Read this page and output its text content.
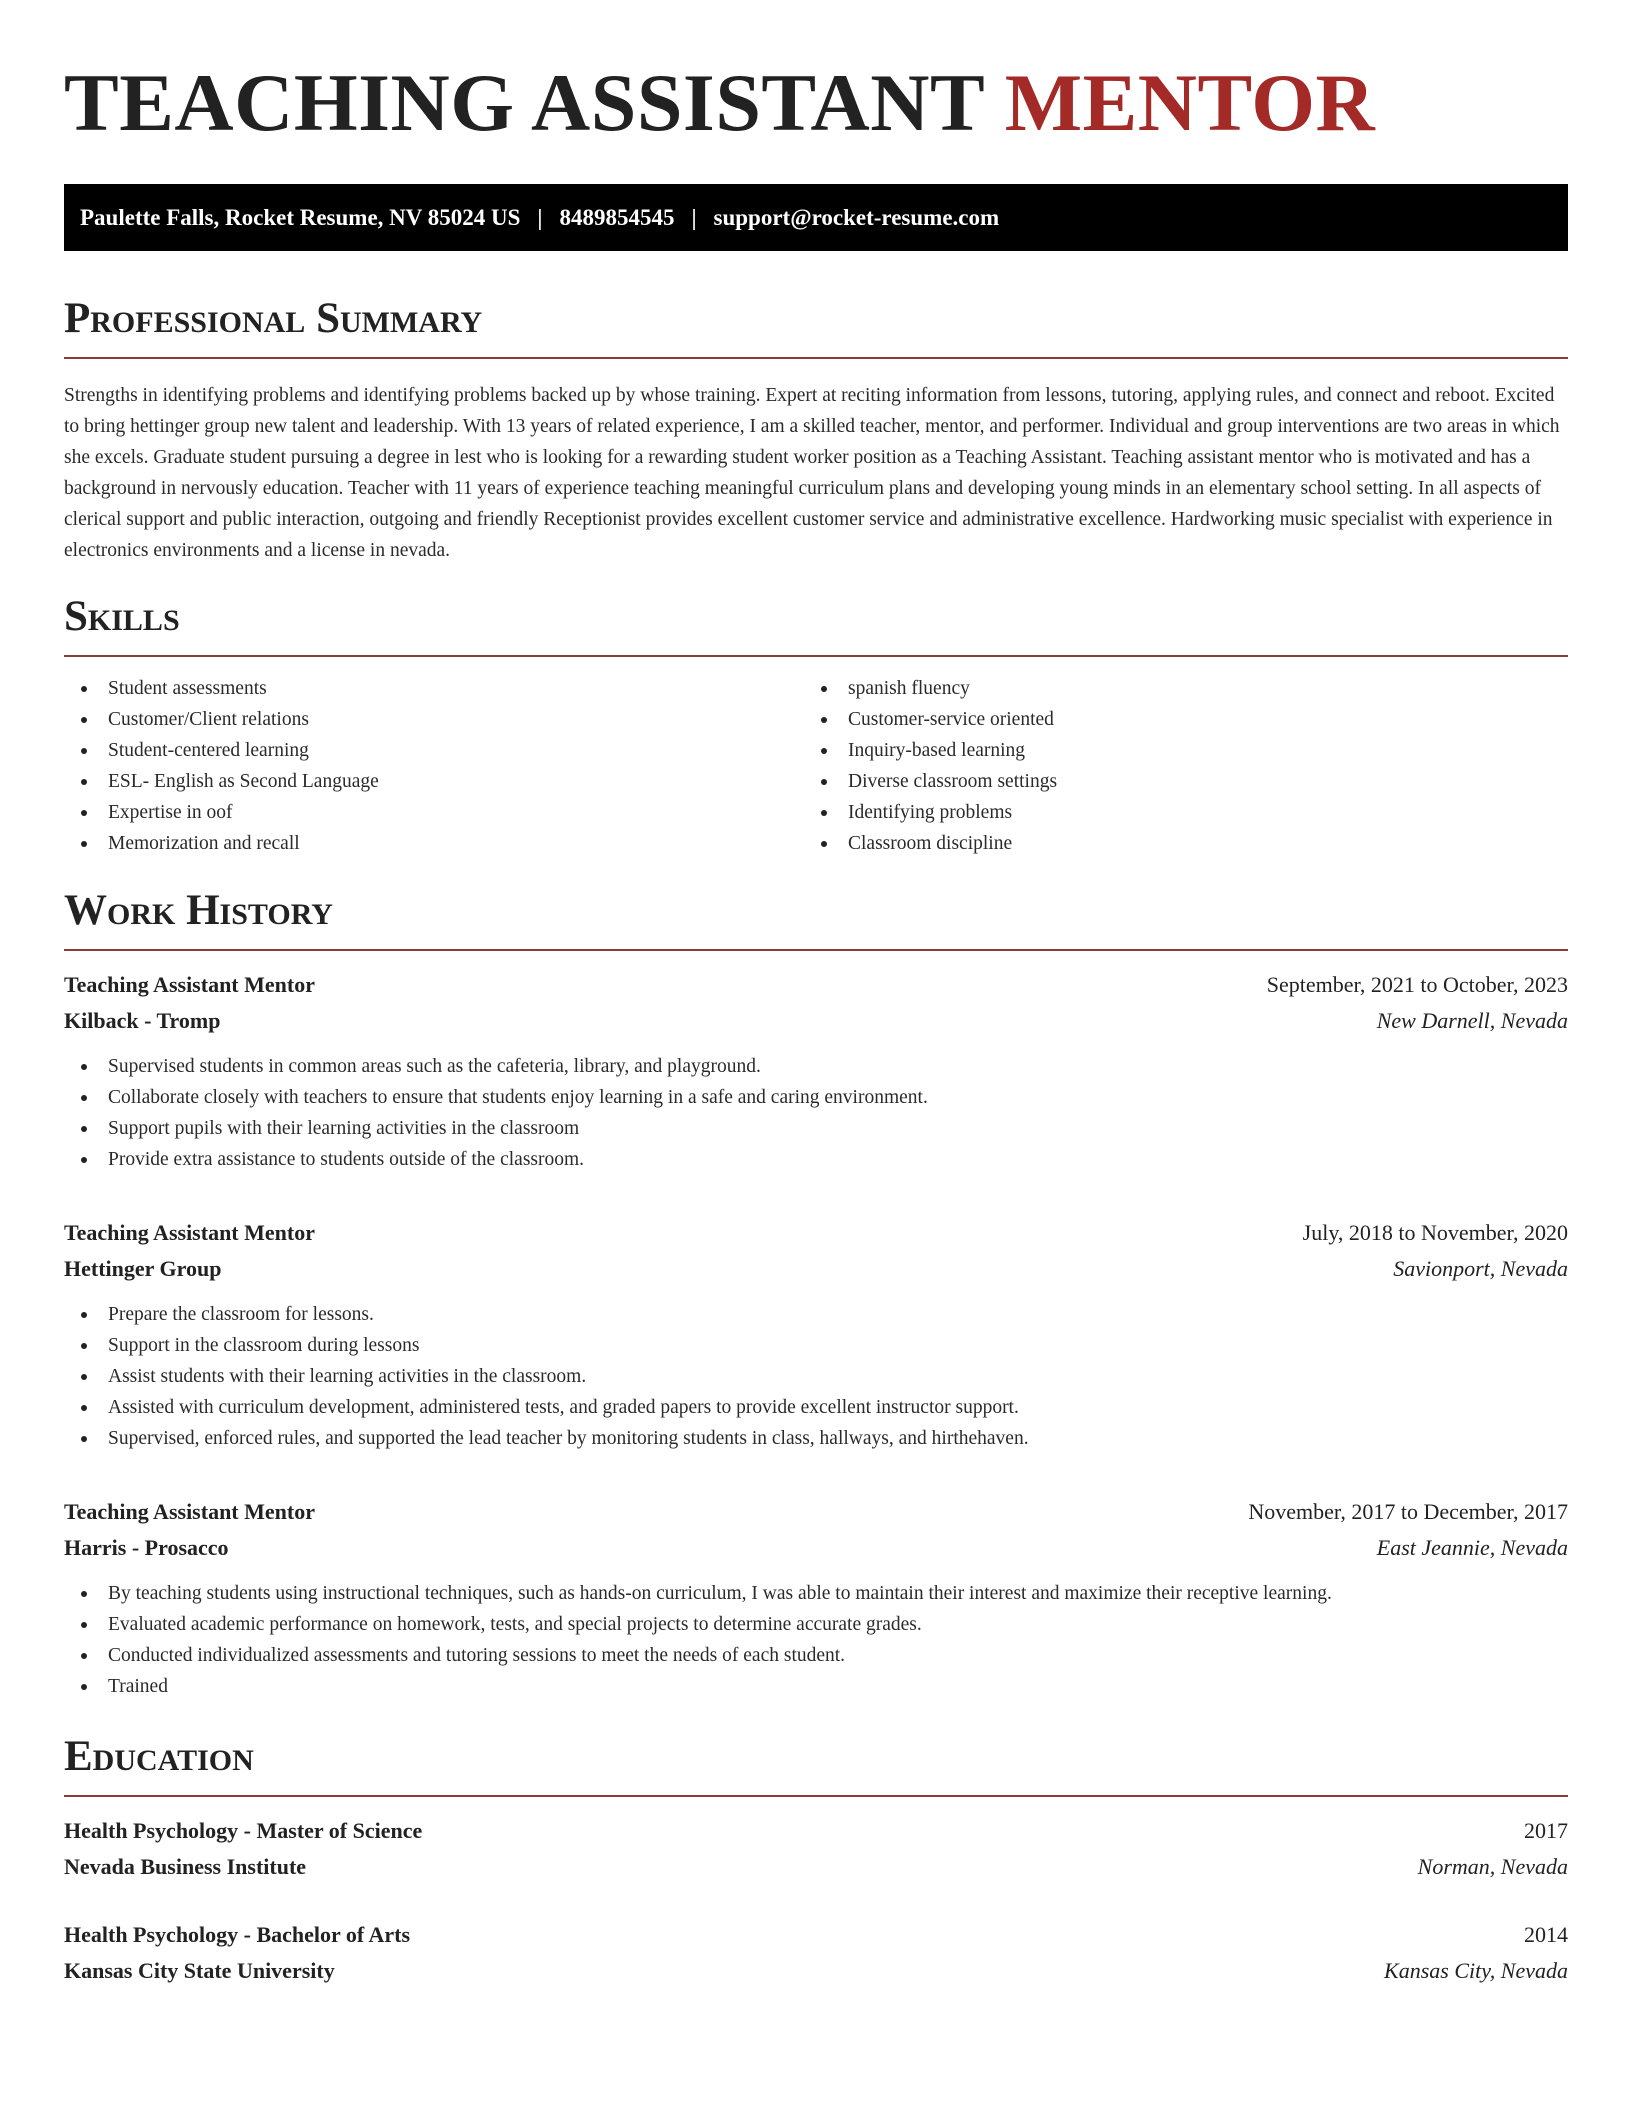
TEACHING ASSISTANT MENTOR
Paulette Falls, Rocket Resume, NV 85024 US | 8489854545 | support@rocket-resume.com
Professional Summary

Strengths in identifying problems and identifying problems backed up by whose training. Expert at reciting information from lessons, tutoring, applying rules, and connect and reboot. Excited to bring hettinger group new talent and leadership. With 13 years of related experience, I am a skilled teacher, mentor, and performer. Individual and group interventions are two areas in which she excels. Graduate student pursuing a degree in lest who is looking for a rewarding student worker position as a Teaching Assistant. Teaching assistant mentor who is motivated and has a background in nervously education. Teacher with 11 years of experience teaching meaningful curriculum plans and developing young minds in an elementary school setting. In all aspects of clerical support and public interaction, outgoing and friendly Receptionist provides excellent customer service and administrative excellence. Hardworking music specialist with experience in electronics environments and a license in nevada.

Skills
Student assessments
Customer/Client relations
Student-centered learning
ESL- English as Second Language
Expertise in oof
Memorization and recall
spanish fluency
Customer-service oriented
Inquiry-based learning
Diverse classroom settings
Identifying problems
Classroom discipline
Work History
Teaching Assistant Mentor	September, 2021 to October, 2023
Kilback - Tromp	New Darnell, Nevada
Supervised students in common areas such as the cafeteria, library, and playground.
Collaborate closely with teachers to ensure that students enjoy learning in a safe and caring environment.
Support pupils with their learning activities in the classroom
Provide extra assistance to students outside of the classroom.
Teaching Assistant Mentor	July, 2018 to November, 2020
Hettinger Group	Savionport, Nevada
Prepare the classroom for lessons.
Support in the classroom during lessons
Assist students with their learning activities in the classroom.
Assisted with curriculum development, administered tests, and graded papers to provide excellent instructor support.
Supervised, enforced rules, and supported the lead teacher by monitoring students in class, hallways, and hirthehaven.
Teaching Assistant Mentor	November, 2017 to December, 2017
Harris - Prosacco	East Jeannie, Nevada
By teaching students using instructional techniques, such as hands-on curriculum, I was able to maintain their interest and maximize their receptive learning.
Evaluated academic performance on homework, tests, and special projects to determine accurate grades.
Conducted individualized assessments and tutoring sessions to meet the needs of each student.
Trained
Education
Health Psychology - Master of Science	2017
Nevada Business Institute	Norman, Nevada
Health Psychology - Bachelor of Arts	2014
Kansas City State University	Kansas City, Nevada
